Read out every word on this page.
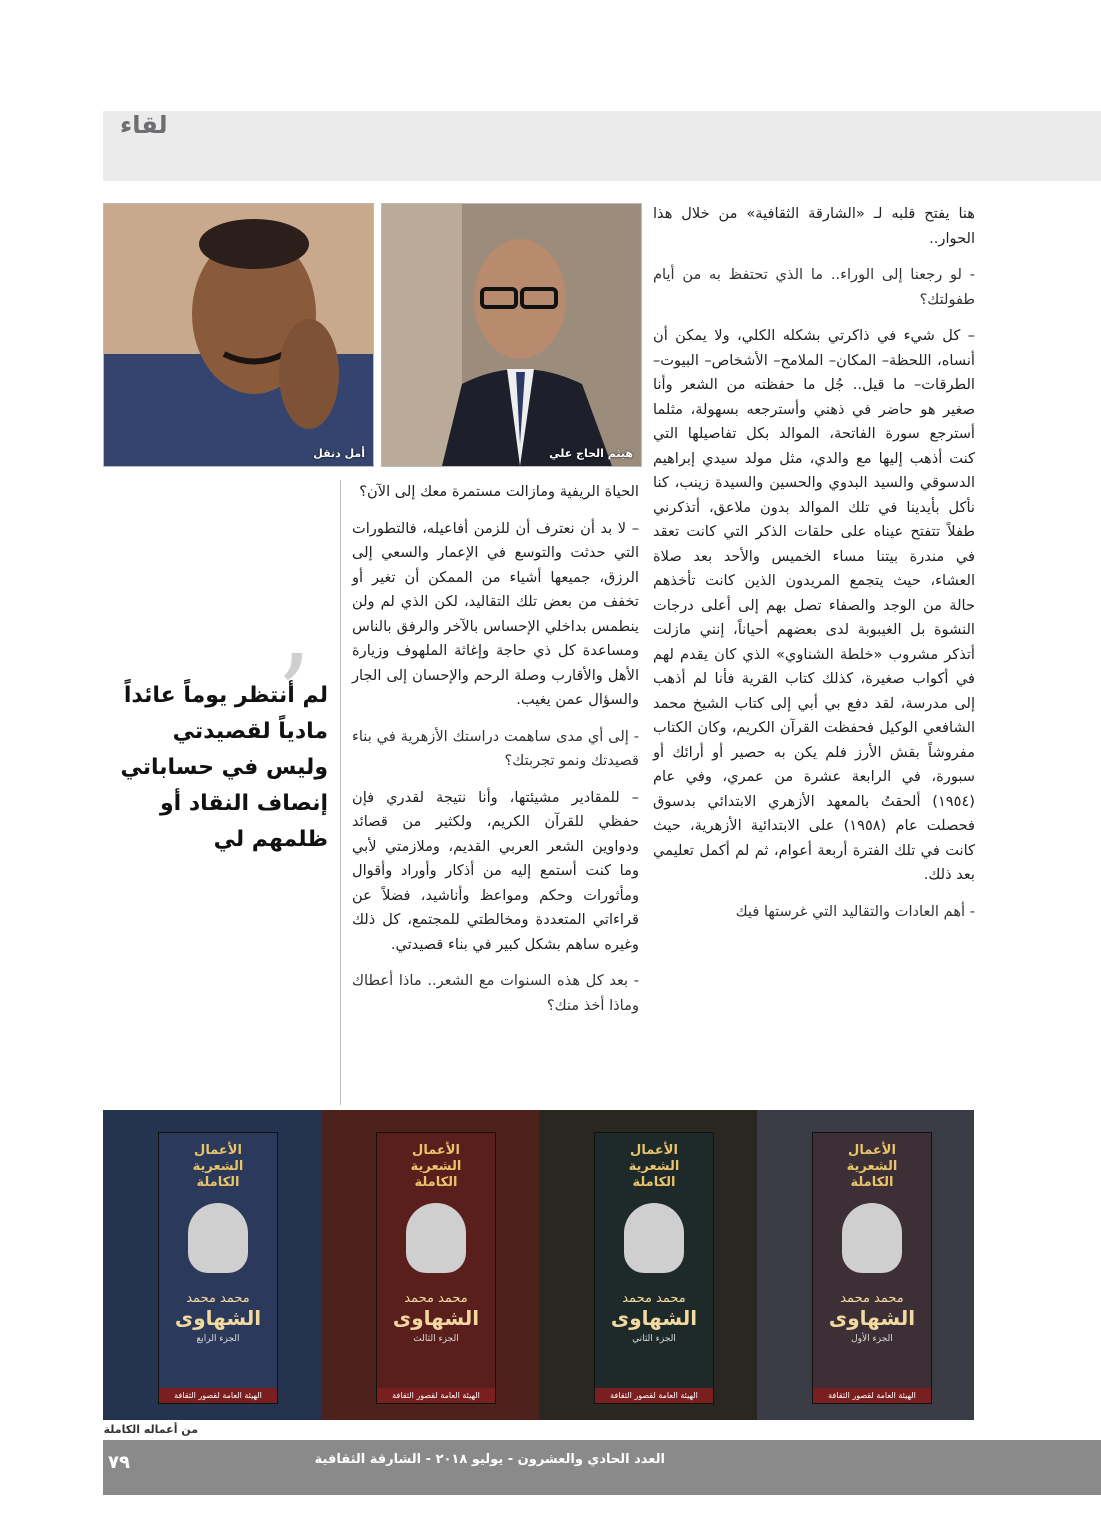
لقاء
هيثم الحاج علي
أمل دنقل

هنا يفتح قلبه لـ «الشارقة الثقافية» من خلال هذا الحوار..

- لو رجعنا إلى الوراء.. ما الذي تحتفظ به من أيام طفولتك؟

– كل شيء في ذاكرتي بشكله الكلي، ولا يمكن أن أنساه، اللحظة– المكان– الملامح– الأشخاص– البيوت– الطرقات– ما قيل.. جُل ما حفظته من الشعر وأنا صغير هو حاضر في ذهني وأسترجعه بسهولة، مثلما أسترجع سورة الفاتحة، الموالد بكل تفاصيلها التي كنت أذهب إليها مع والدي، مثل مولد سيدي إبراهيم الدسوقي والسيد البدوي والحسين والسيدة زينب، كنا نأكل بأيدينا في تلك الموالد بدون ملاعق، أتذكرني طفلاً تتفتح عيناه على حلقات الذكر التي كانت تعقد في مندرة بيتنا مساء الخميس والأحد بعد صلاة العشاء، حيث يتجمع المريدون الذين كانت تأخذهم حالة من الوجد والصفاء تصل بهم إلى أعلى درجات النشوة بل الغيبوبة لدى بعضهم أحياناً، إنني مازلت أتذكر مشروب «خلطة الشناوي» الذي كان يقدم لهم في أكواب صغيرة، كذلك كتاب القرية فأنا لم أذهب إلى مدرسة، لقد دفع بي أبي إلى كتاب الشيخ محمد الشافعي الوكيل فحفظت القرآن الكريم، وكان الكتاب مفروشاً بقش الأرز فلم يكن به حصير أو أرائك أو سبورة، في الرابعة عشرة من عمري، وفي عام (١٩٥٤) ألحقتُ بالمعهد الأزهري الابتدائي بدسوق فحصلت عام (١٩٥٨) على الابتدائية الأزهرية، حيث كانت في تلك الفترة أربعة أعوام، ثم لم أكمل تعليمي بعد ذلك.

- أهم العادات والتقاليد التي غرستها فيك

الحياة الريفية ومازالت مستمرة معك إلى الآن؟

– لا بد أن نعترف أن للزمن أفاعيله، فالتطورات التي حدثت والتوسع في الإعمار والسعي إلى الرزق، جميعها أشياء من الممكن أن تغير أو تخفف من بعض تلك التقاليد، لكن الذي لم ولن ينطمس بداخلي الإحساس بالآخر والرفق بالناس ومساعدة كل ذي حاجة وإغاثة الملهوف وزيارة الأهل والأقارب وصلة الرحم والإحسان إلى الجار والسؤال عمن يغيب.

- إلى أي مدى ساهمت دراستك الأزهرية في بناء قصيدتك ونمو تجربتك؟

– للمقادير مشيئتها، وأنا نتيجة لقدري فإن حفظي للقرآن الكريم، ولكثير من قصائد ودواوين الشعر العربي القديم، وملازمتي لأبي وما كنت أستمع إليه من أذكار وأوراد وأقوال ومأثورات وحكم ومواعظ وأناشيد، فضلاً عن قراءاتي المتعددة ومخالطتي للمجتمع، كل ذلك وغيره ساهم بشكل كبير في بناء قصيدتي.

- بعد كل هذه السنوات مع الشعر.. ماذا أعطاك وماذا أخذ منك؟

’
لم أنتظر يوماً عائداً مادياً لقصيدتي وليس في حساباتي إنصاف النقاد أو ظلمهم لي
الأعمال الشعرية الكاملة
محمد محمد
الشهاوى
الجزء الرابع
الهيئة العامة لقصور الثقافة
الأعمال الشعرية الكاملة
محمد محمد
الشهاوى
الجزء الثالث
الهيئة العامة لقصور الثقافة
الأعمال الشعرية الكاملة
محمد محمد
الشهاوى
الجزء الثاني
الهيئة العامة لقصور الثقافة
الأعمال الشعرية الكاملة
محمد محمد
الشهاوى
الجزء الأول
الهيئة العامة لقصور الثقافة
من أعماله الكاملة
٧٩	العدد الحادي والعشرون - يوليو ٢٠١٨ - الشارقة الثقافية
